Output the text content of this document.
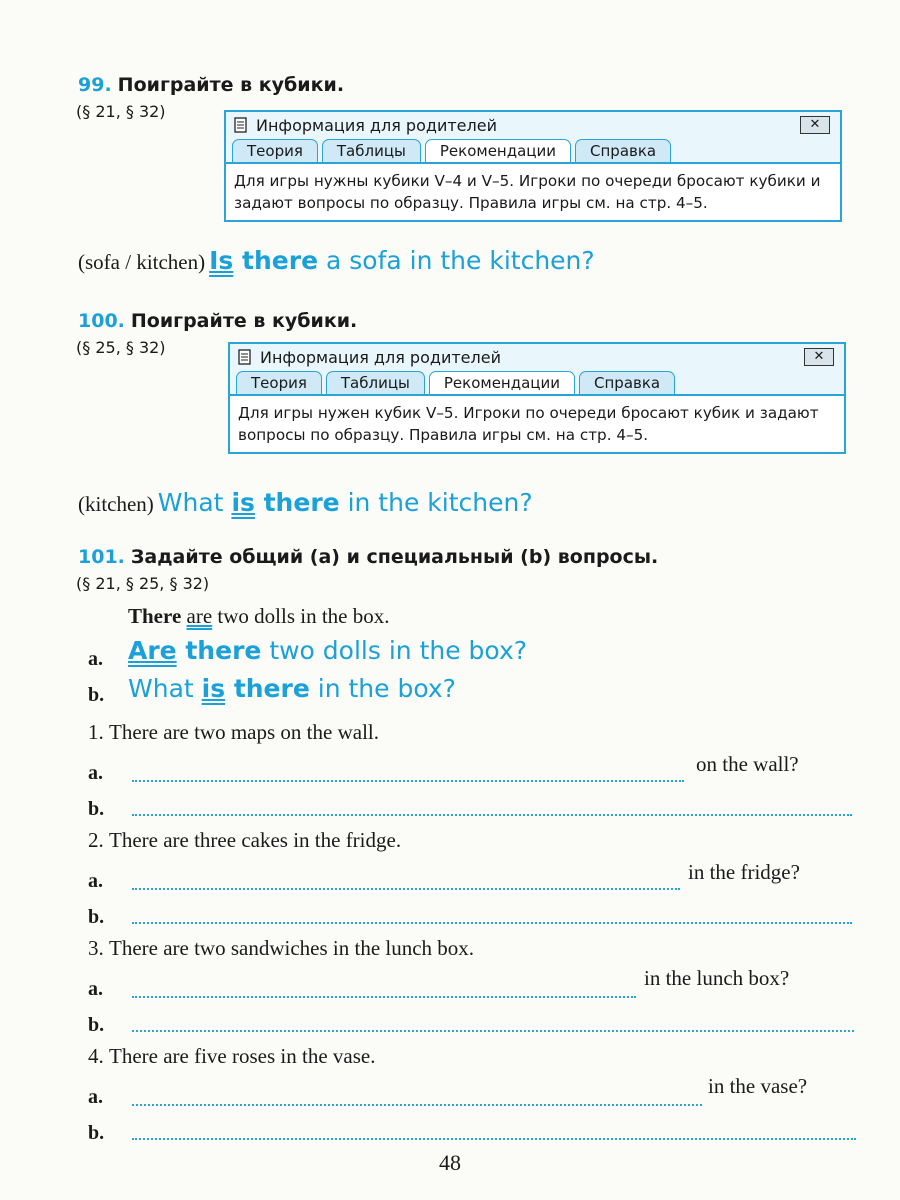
99. Поиграйте в кубики.
(§ 21, § 32)
Информация для родителей	✕
Теория	Таблицы	Рекомендации	Справка
Для игры нужны кубики V–4 и V–5. Игроки по очереди бросают кубики и задают вопросы по образцу. Правила игры см. на стр. 4–5.
(sofa / kitchen) Is there a sofa in the kitchen?
100. Поиграйте в кубики.
(§ 25, § 32)	Информация для родителей	✕
Теория	Таблицы	Рекомендации	Справка
Для игры нужен кубик V–5. Игроки по очереди бросают кубик и задают вопросы по образцу. Правила игры см. на стр. 4–5.
(kitchen) What is there in the kitchen?
101. Задайте общий (а) и специальный (b) вопросы.
(§ 21, § 25, § 32)
There are two dolls in the box.
a. Are there two dolls in the box?
b. What is there in the box?
1. There are two maps on the wall.
a.	on the wall?
b.
2. There are three cakes in the fridge.
a.	in the fridge?
b.
3. There are two sandwiches in the lunch box.
a.	in the lunch box?
b.
4. There are five roses in the vase.
a.	in the vase?
b.
48
